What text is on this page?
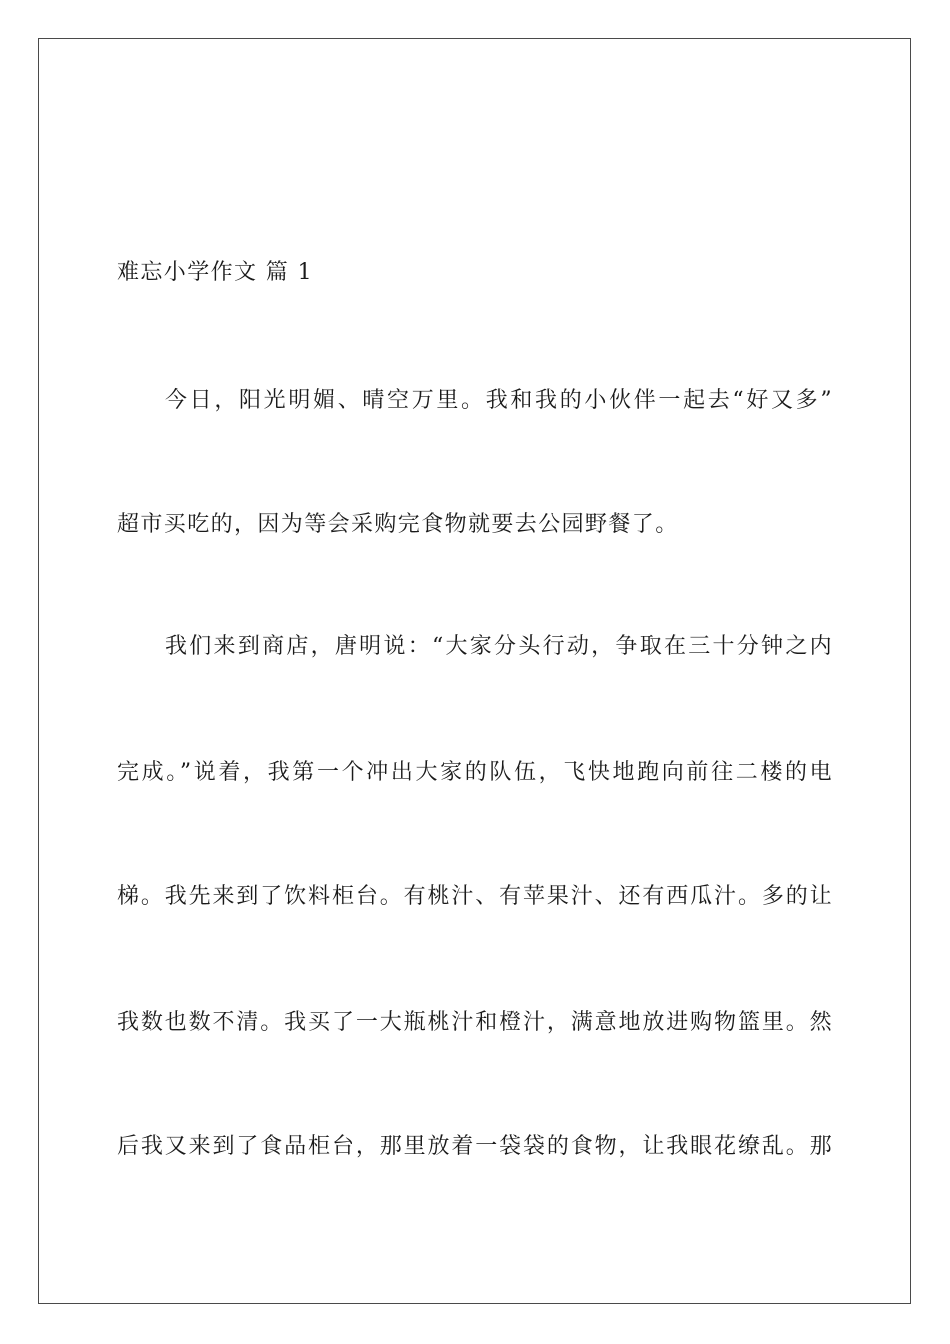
难忘小学作文 篇 1
今日，阳光明媚、晴空万里。我和我的小伙伴一起去“好又多”
超市买吃的，因为等会采购完食物就要去公园野餐了。
我们来到商店，唐明说：“大家分头行动，争取在三十分钟之内
完成。”说着，我第一个冲出大家的队伍，飞快地跑向前往二楼的电
梯。我先来到了饮料柜台。有桃汁、有苹果汁、还有西瓜汁。多的让
我数也数不清。我买了一大瓶桃汁和橙汁，满意地放进购物篮里。然
后我又来到了食品柜台，那里放着一袋袋的食物，让我眼花缭乱。那
